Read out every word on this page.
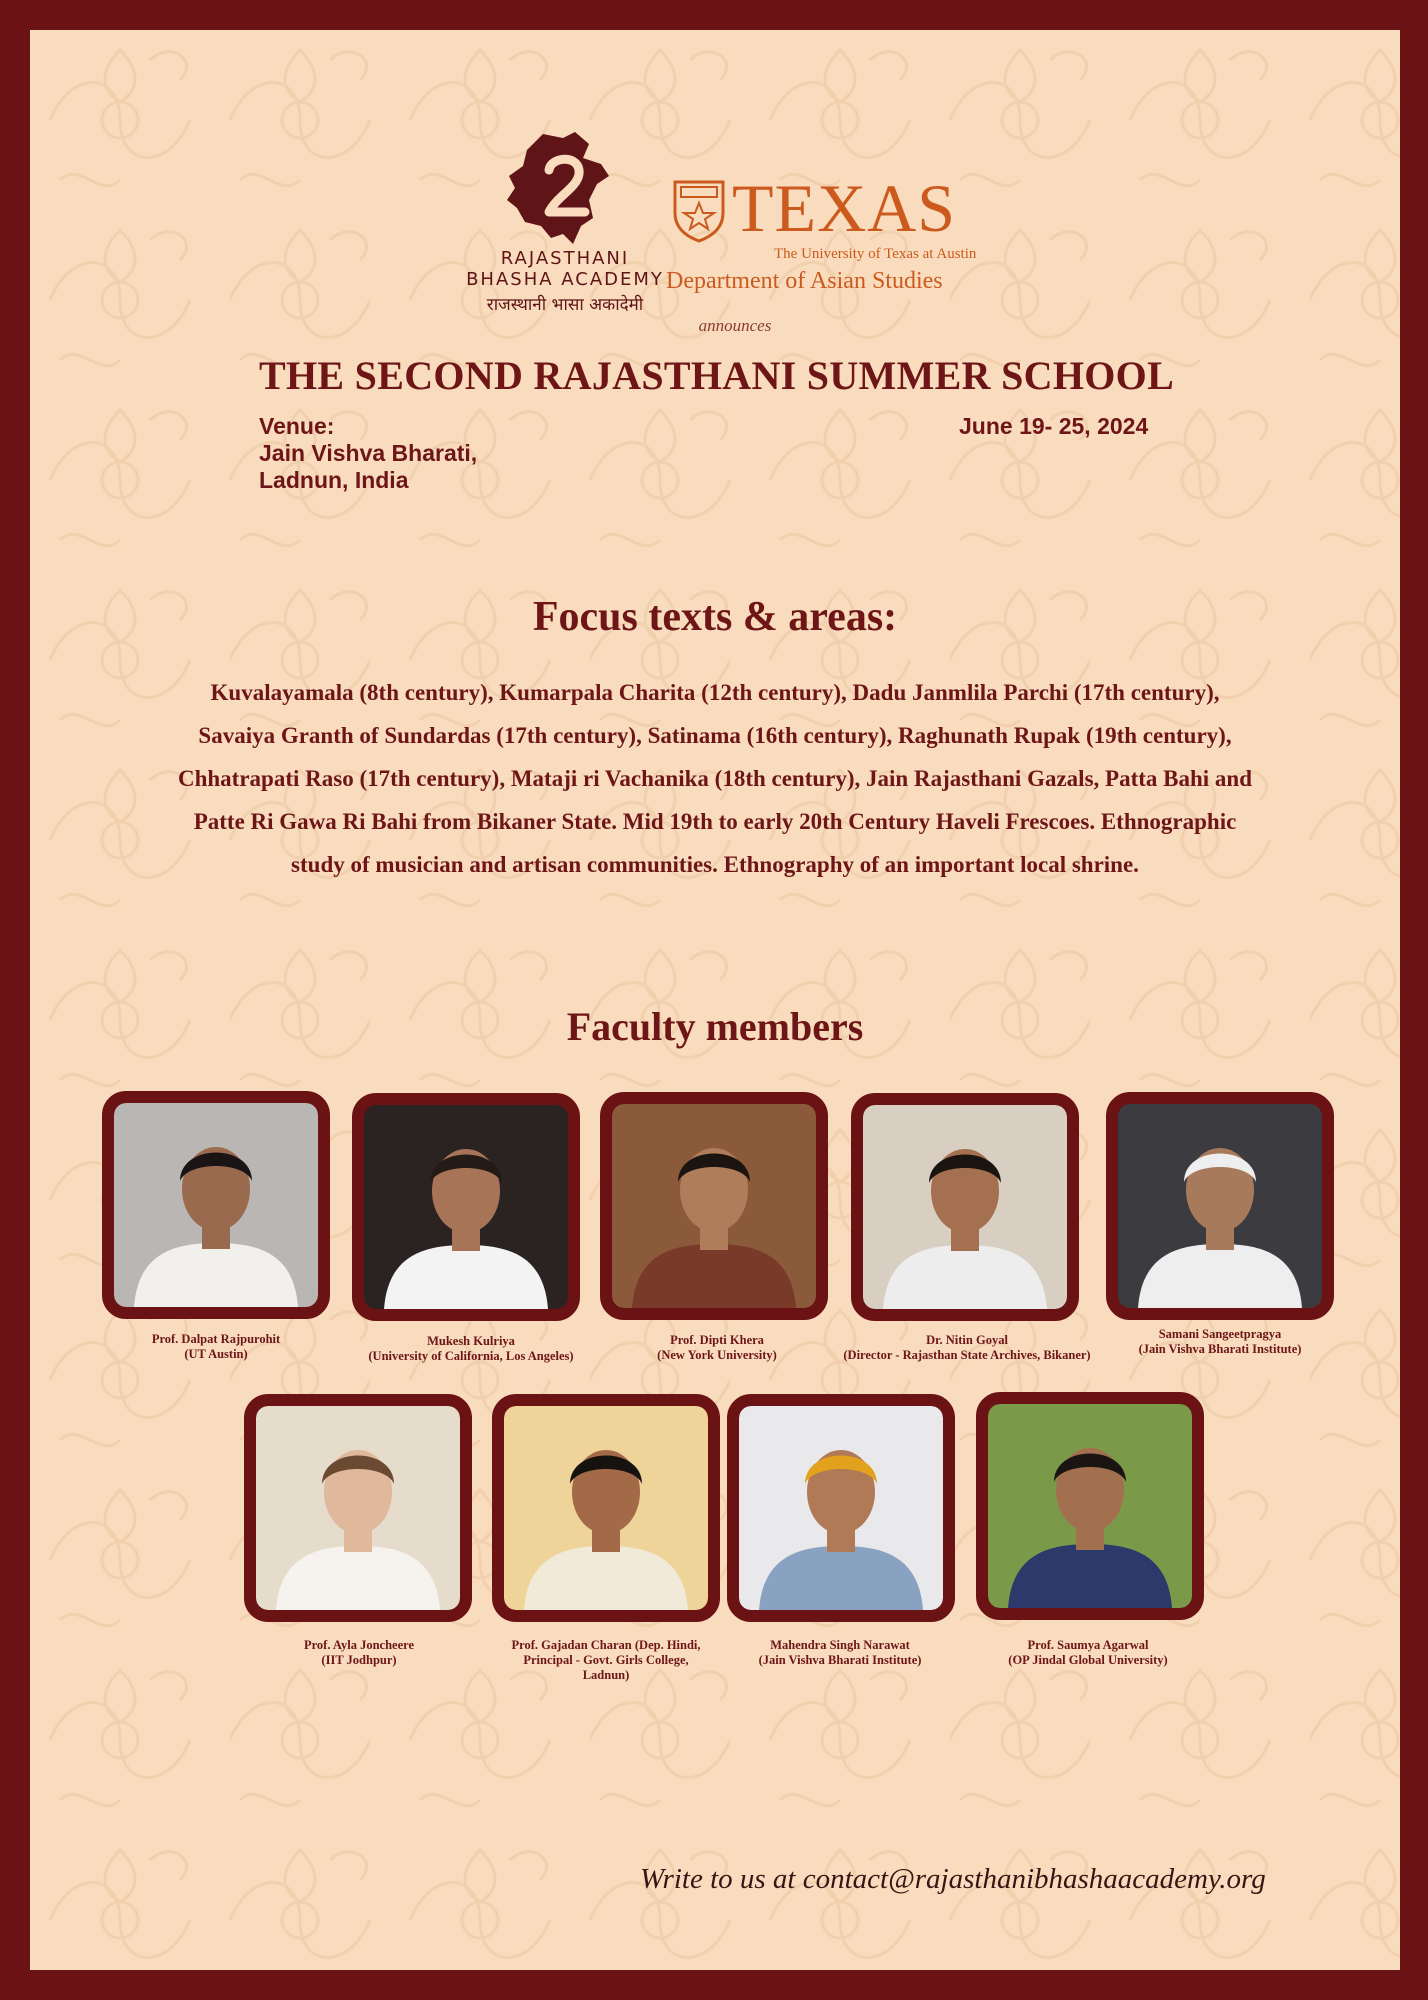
RAJASTHANI
BHASHA ACADEMY
राजस्थानी भासा अकादेमी
TEXAS
The University of Texas at Austin
Department of Asian Studies
announces
THE SECOND RAJASTHANI SUMMER SCHOOL
Venue:
Jain Vishva Bharati,
Ladnun, India
June 19- 25, 2024
Focus texts & areas:
Kuvalayamala (8th century), Kumarpala Charita (12th century), Dadu Janmlila Parchi (17th century), Savaiya Granth of Sundardas (17th century), Satinama (16th century), Raghunath Rupak (19th century), Chhatrapati Raso (17th century), Mataji ri Vachanika (18th century), Jain Rajasthani Gazals, Patta Bahi and Patte Ri Gawa Ri Bahi from Bikaner State. Mid 19th to early 20th Century Haveli Frescoes. Ethnographic study of musician and artisan communities. Ethnography of an important local shrine.
Faculty members
Prof. Dalpat Rajpurohit
(UT Austin)
Mukesh Kulriya
(University of California, Los Angeles)
Prof. Dipti Khera
(New York University)
Dr. Nitin Goyal
(Director - Rajasthan State Archives, Bikaner)
Samani Sangeetpragya
(Jain Vishva Bharati Institute)
Prof. Ayla Joncheere
(IIT Jodhpur)
Prof. Gajadan Charan (Dep. Hindi,
Principal - Govt. Girls College,
Ladnun)
Mahendra Singh Narawat
(Jain Vishva Bharati Institute)
Prof. Saumya Agarwal
(OP Jindal Global University)
Write to us at contact@rajasthanibhashaacademy.org
